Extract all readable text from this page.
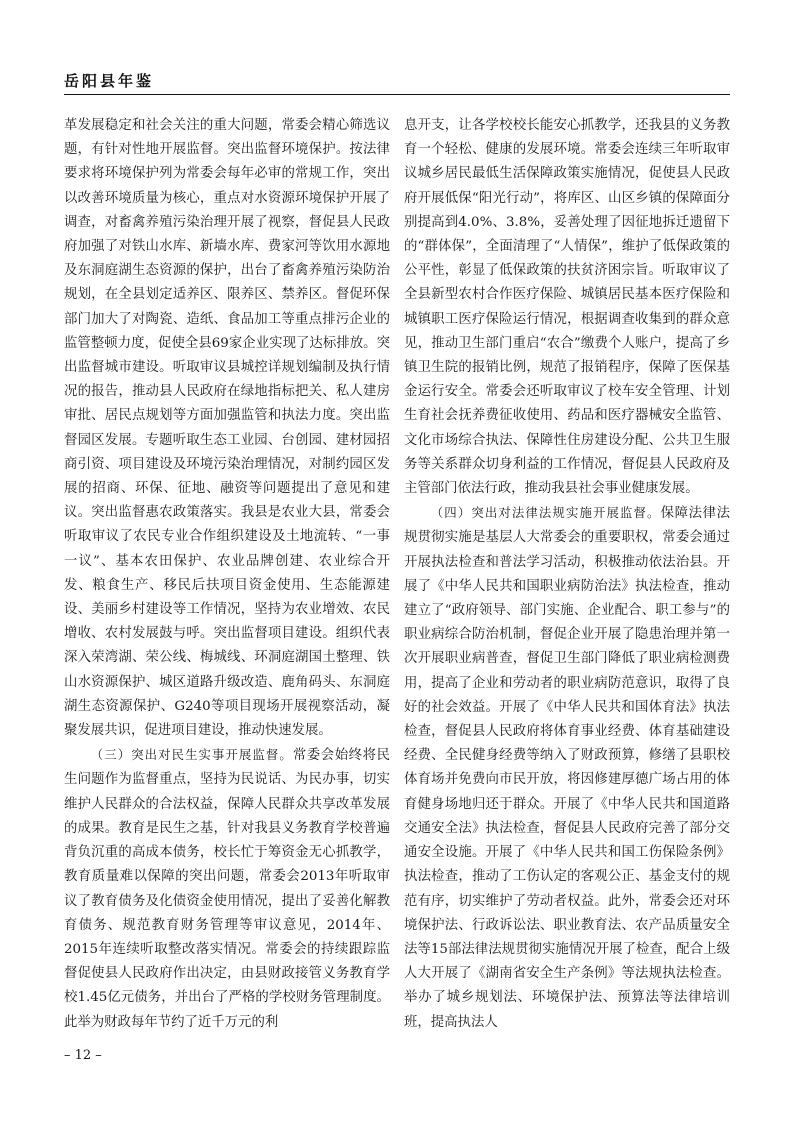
岳阳县年鉴

革发展稳定和社会关注的重大问题，常委会精心筛选议题，有针对性地开展监督。突出监督环境保护。按法律要求将环境保护列为常委会每年必审的常规工作，突出以改善环境质量为核心，重点对水资源环境保护开展了调查，对畜禽养殖污染治理开展了视察，督促县人民政府加强了对铁山水库、新墙水库、费家河等饮用水源地及东洞庭湖生态资源的保护，出台了畜禽养殖污染防治规划，在全县划定适养区、限养区、禁养区。督促环保部门加大了对陶瓷、造纸、食品加工等重点排污企业的监管整顿力度，促使全县69家企业实现了达标排放。突出监督城市建设。听取审议县城控详规划编制及执行情况的报告，推动县人民政府在绿地指标把关、私人建房审批、居民点规划等方面加强监管和执法力度。突出监督园区发展。专题听取生态工业园、台创园、建材园招商引资、项目建设及环境污染治理情况，对制约园区发展的招商、环保、征地、融资等问题提出了意见和建议。突出监督惠农政策落实。我县是农业大县，常委会听取审议了农民专业合作组织建设及土地流转、“一事一议”、基本农田保护、农业品牌创建、农业综合开发、粮食生产、移民后扶项目资金使用、生态能源建设、美丽乡村建设等工作情况，坚持为农业增效、农民增收、农村发展鼓与呼。突出监督项目建设。组织代表深入荣湾湖、荣公线、梅城线、环洞庭湖国土整理、铁山水资源保护、城区道路升级改造、鹿角码头、东洞庭湖生态资源保护、G240等项目现场开展视察活动，凝聚发展共识，促进项目建设，推动快速发展。

（三）突出对民生实事开展监督。常委会始终将民生问题作为监督重点，坚持为民说话、为民办事，切实维护人民群众的合法权益，保障人民群众共享改革发展的成果。教育是民生之基，针对我县义务教育学校普遍背负沉重的高成本债务，校长忙于筹资金无心抓教学，教育质量难以保障的突出问题，常委会2013年听取审议了教育债务及化债资金使用情况，提出了妥善化解教育债务、规范教育财务管理等审议意见，2014年、2015年连续听取整改落实情况。常委会的持续跟踪监督促使县人民政府作出决定，由县财政接管义务教育学校1.45亿元债务，并出台了严格的学校财务管理制度。此举为财政每年节约了近千万元的利

息开支，让各学校校长能安心抓教学，还我县的义务教育一个轻松、健康的发展环境。常委会连续三年听取审议城乡居民最低生活保障政策实施情况，促使县人民政府开展低保“阳光行动”，将库区、山区乡镇的保障面分别提高到4.0%、3.8%，妥善处理了因征地拆迁遗留下的“群体保”，全面清理了“人情保”，维护了低保政策的公平性，彰显了低保政策的扶贫济困宗旨。听取审议了全县新型农村合作医疗保险、城镇居民基本医疗保险和城镇职工医疗保险运行情况，根据调查收集到的群众意见，推动卫生部门重启“农合”缴费个人账户，提高了乡镇卫生院的报销比例，规范了报销程序，保障了医保基金运行安全。常委会还听取审议了校车安全管理、计划生育社会抚养费征收使用、药品和医疗器械安全监管、文化市场综合执法、保障性住房建设分配、公共卫生服务等关系群众切身利益的工作情况，督促县人民政府及主管部门依法行政，推动我县社会事业健康发展。

（四）突出对法律法规实施开展监督。保障法律法规贯彻实施是基层人大常委会的重要职权，常委会通过开展执法检查和普法学习活动，积极推动依法治县。开展了《中华人民共和国职业病防治法》执法检查，推动建立了“政府领导、部门实施、企业配合、职工参与”的职业病综合防治机制，督促企业开展了隐患治理并第一次开展职业病普查，督促卫生部门降低了职业病检测费用，提高了企业和劳动者的职业病防范意识，取得了良好的社会效益。开展了《中华人民共和国体育法》执法检查，督促县人民政府将体育事业经费、体育基础建设经费、全民健身经费等纳入了财政预算，修缮了县职校体育场并免费向市民开放，将因修建厚德广场占用的体育健身场地归还于群众。开展了《中华人民共和国道路交通安全法》执法检查，督促县人民政府完善了部分交通安全设施。开展了《中华人民共和国工伤保险条例》执法检查，推动了工伤认定的客观公正、基金支付的规范有序，切实维护了劳动者权益。此外，常委会还对环境保护法、行政诉讼法、职业教育法、农产品质量安全法等15部法律法规贯彻实施情况开展了检查，配合上级人大开展了《湖南省安全生产条例》等法规执法检查。举办了城乡规划法、环境保护法、预算法等法律培训班，提高执法人

– 12 –
